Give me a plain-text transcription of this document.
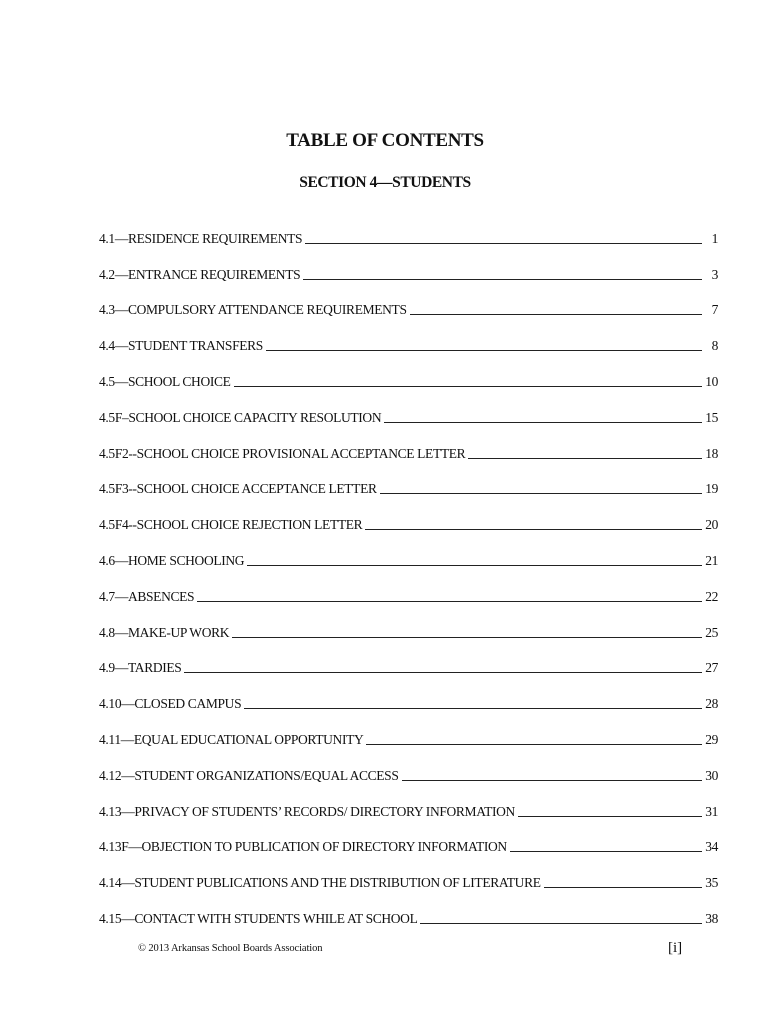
TABLE OF CONTENTS
SECTION 4—STUDENTS
4.1—RESIDENCE REQUIREMENTS	1
4.2—ENTRANCE REQUIREMENTS	3
4.3—COMPULSORY ATTENDANCE REQUIREMENTS	7
4.4—STUDENT TRANSFERS	8
4.5—SCHOOL CHOICE	10
4.5F–SCHOOL CHOICE CAPACITY RESOLUTION	15
4.5F2--SCHOOL CHOICE PROVISIONAL ACCEPTANCE LETTER	18
4.5F3--SCHOOL CHOICE ACCEPTANCE LETTER	19
4.5F4--SCHOOL CHOICE REJECTION LETTER	20
4.6—HOME SCHOOLING	21
4.7—ABSENCES	22
4.8—MAKE-UP WORK	25
4.9—TARDIES	27
4.10—CLOSED CAMPUS	28
4.11—EQUAL EDUCATIONAL OPPORTUNITY	29
4.12—STUDENT ORGANIZATIONS/EQUAL ACCESS	30
4.13—PRIVACY OF STUDENTS’ RECORDS/ DIRECTORY INFORMATION	31
4.13F—OBJECTION TO PUBLICATION OF DIRECTORY INFORMATION	34
4.14—STUDENT PUBLICATIONS AND THE DISTRIBUTION OF LITERATURE	35
4.15—CONTACT WITH STUDENTS WHILE AT SCHOOL	38
© 2013 Arkansas School Boards Association	[i]
